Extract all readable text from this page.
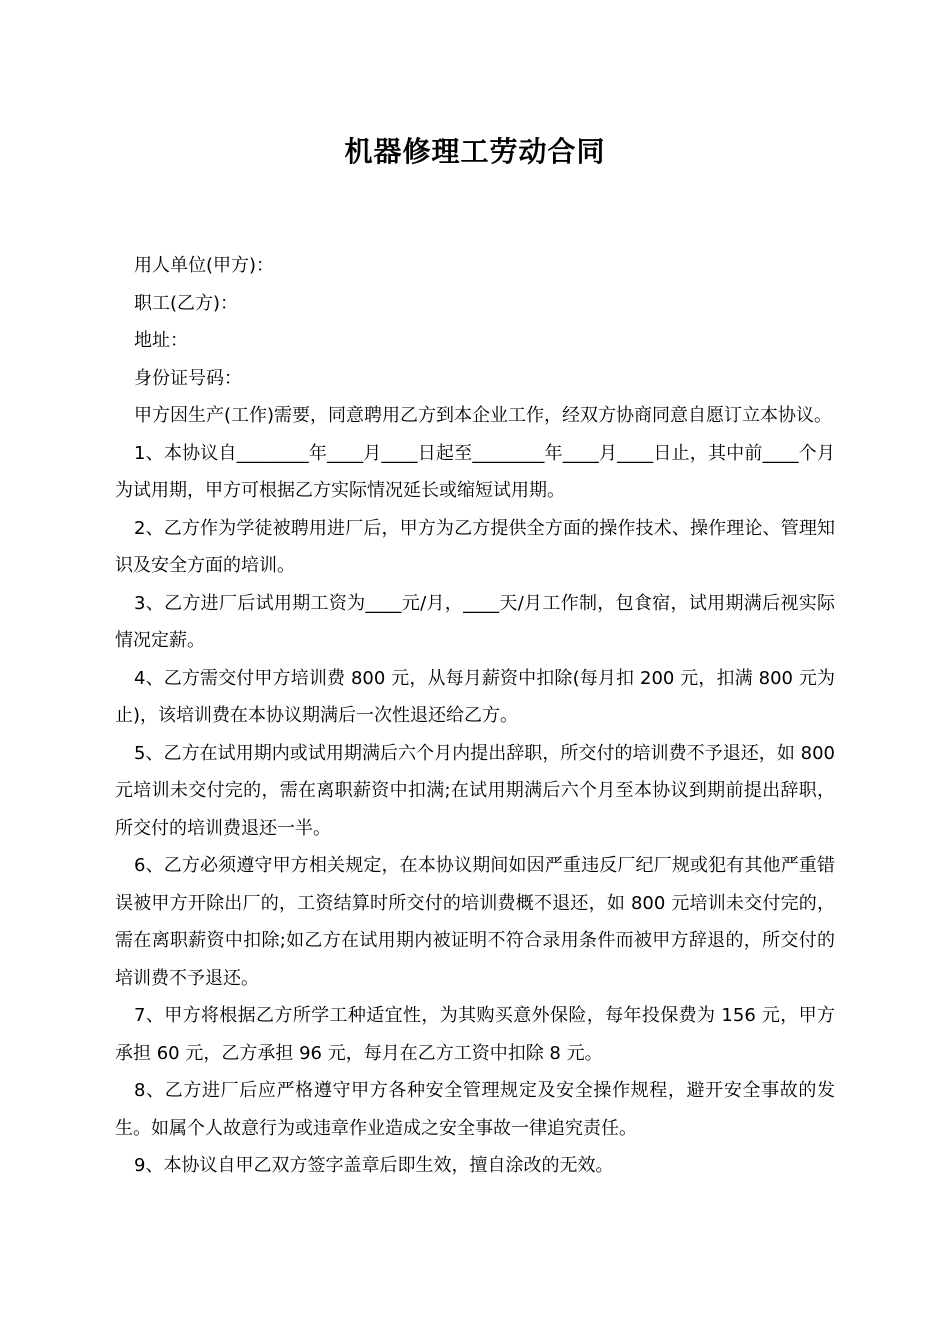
机器修理工劳动合同

用人单位(甲方)：

职工(乙方)：

地址：

身份证号码：

甲方因生产(工作)需要，同意聘用乙方到本企业工作，经双方协商同意自愿订立本协议。

1、本协议自________年____月____日起至________年____月____日止，其中前____个月为试用期，甲方可根据乙方实际情况延长或缩短试用期。

2、乙方作为学徒被聘用进厂后，甲方为乙方提供全方面的操作技术、操作理论、管理知识及安全方面的培训。

3、乙方进厂后试用期工资为____元/月，____天/月工作制，包食宿，试用期满后视实际情况定薪。

4、乙方需交付甲方培训费 800 元，从每月薪资中扣除(每月扣 200 元，扣满 800 元为止)，该培训费在本协议期满后一次性退还给乙方。

5、乙方在试用期内或试用期满后六个月内提出辞职，所交付的培训费不予退还，如 800 元培训未交付完的，需在离职薪资中扣满;在试用期满后六个月至本协议到期前提出辞职，所交付的培训费退还一半。

6、乙方必须遵守甲方相关规定，在本协议期间如因严重违反厂纪厂规或犯有其他严重错误被甲方开除出厂的，工资结算时所交付的培训费概不退还，如 800 元培训未交付完的，需在离职薪资中扣除;如乙方在试用期内被证明不符合录用条件而被甲方辞退的，所交付的培训费不予退还。

7、甲方将根据乙方所学工种适宜性，为其购买意外保险，每年投保费为 156 元，甲方承担 60 元，乙方承担 96 元，每月在乙方工资中扣除 8 元。

8、乙方进厂后应严格遵守甲方各种安全管理规定及安全操作规程，避开安全事故的发生。如属个人故意行为或违章作业造成之安全事故一律追究责任。

9、本协议自甲乙双方签字盖章后即生效，擅自涂改的无效。
